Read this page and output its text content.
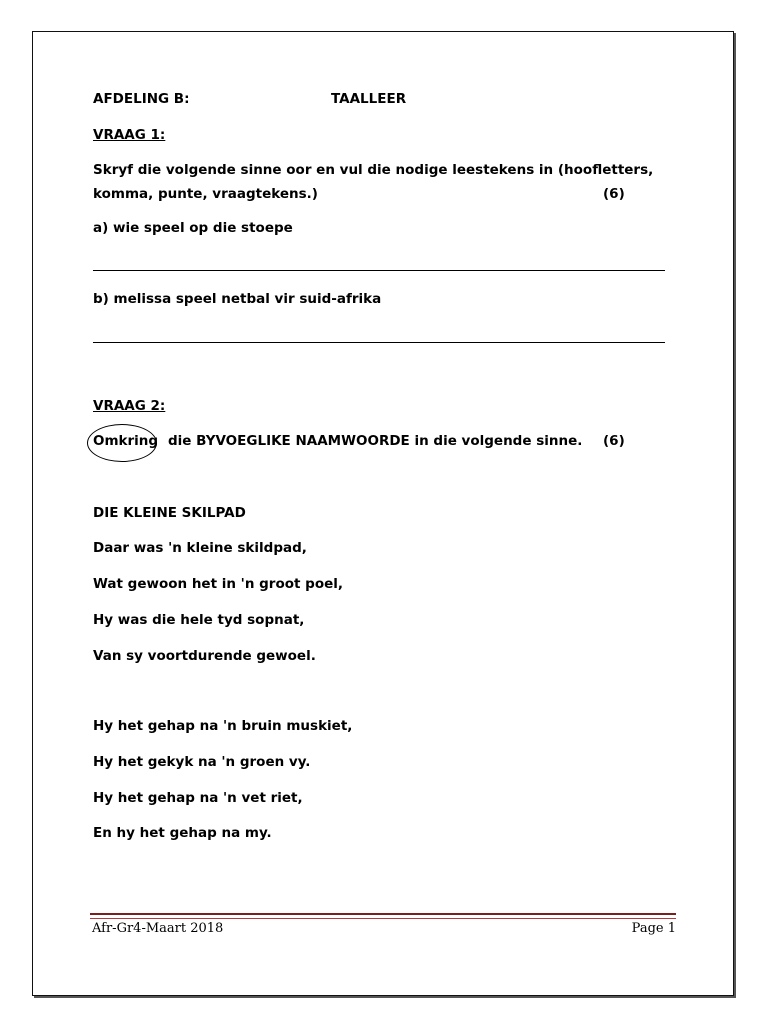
AFDELING B:	TAALLEER
VRAAG 1:
Skryf die volgende sinne oor en vul die nodige leestekens in (hoofletters,
komma, punte, vraagtekens.)	(6)
a) wie speel op die stoepe
b) melissa speel netbal vir suid-afrika
VRAAG 2:
Omkring die BYVOEGLIKE NAAMWOORDE in die volgende sinne. (6)
DIE KLEINE SKILPAD
Daar was 'n kleine skildpad,
Wat gewoon het in 'n groot poel,
Hy was die hele tyd sopnat,
Van sy voortdurende gewoel.
Hy het gehap na 'n bruin muskiet,
Hy het gekyk na 'n groen vy.
Hy het gehap na 'n vet riet,
En hy het gehap na my.
Afr-Gr4-Maart 2018	Page 1
